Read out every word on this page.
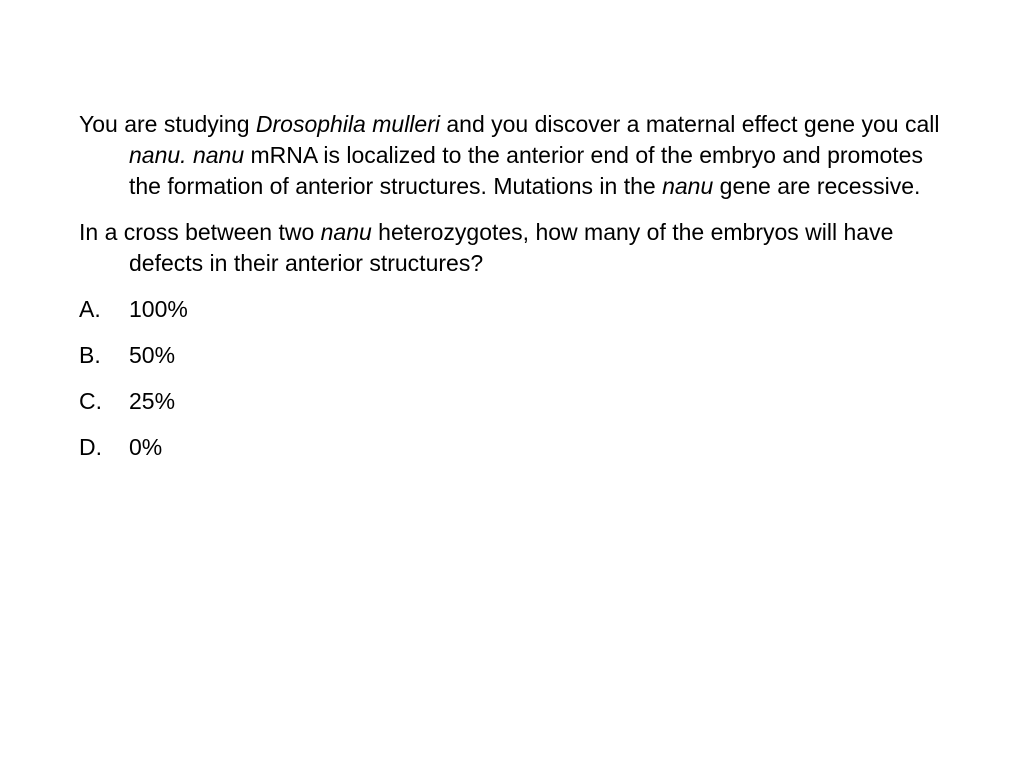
You are studying Drosophila mulleri and you discover a maternal effect gene you call nanu. nanu mRNA is localized to the anterior end of the embryo and promotes the formation of anterior structures. Mutations in the nanu gene are recessive.

In a cross between two nanu heterozygotes, how many of the embryos will have defects in their anterior structures?

A.	100%
B.	50%
C.	25%
D.	0%
